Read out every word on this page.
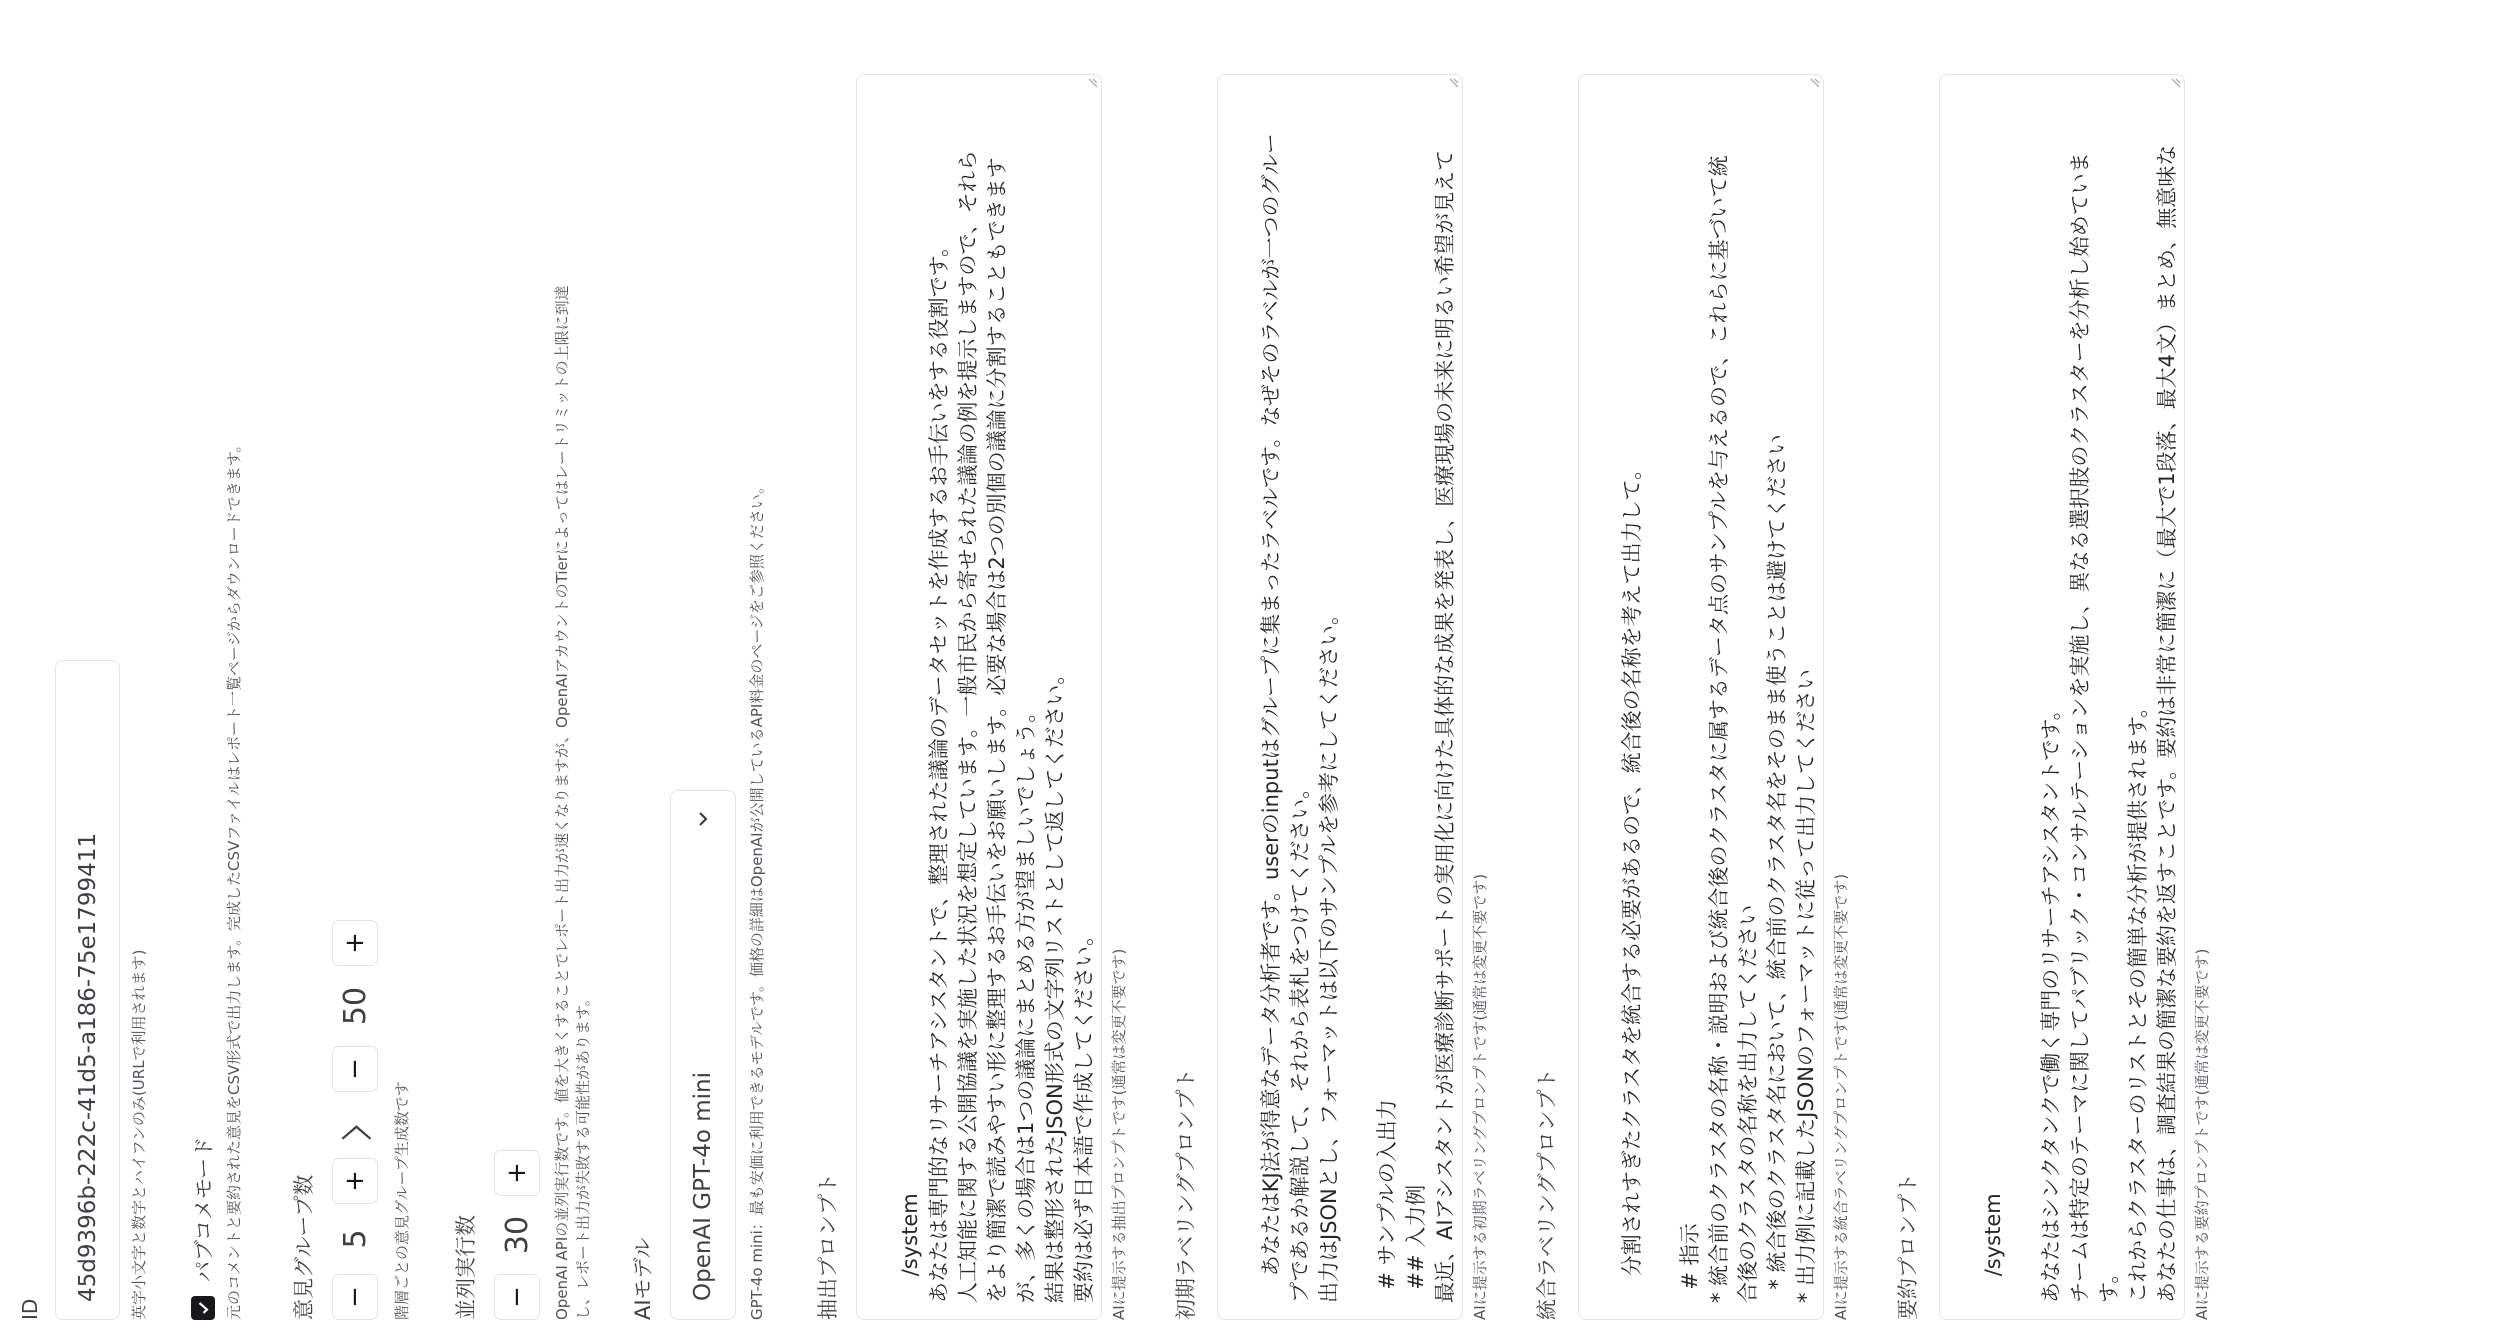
ID
45d9396b-222c-41d5-a186-75e1799411 英字小文字と数字とハイフンのみ(URLで利用されます) パブコメモード 元のコメントと要約された意見をCSV形式で出力します。完成したCSVファイルはレポート一覧ページからダウンロードできます。 意見グループ数 −
5
+
〉
−
50
+
階層ごとの意見グループ生成数です 並列実行数 −
30
+	OpenAI APIの並列実行数です。値を大きくすることでレポート出力が速くなりますが、OpenAIアカウントのTierによってはレートリミットの上限に到達し、レポート出力が失敗する可能性があります。 AIモデル OpenAI GPT-4o mini GPT-4o mini：最も安価に利用できるモデルです。価格の詳細はOpenAIが公開しているAPI料金のページをご参照ください。 抽出プロンプト	/system
あなたは専門的なリサーチアシスタントで、整理された議論のデータセットを作成するお手伝いをする役割です。
人工知能に関する公開協議を実施した状況を想定しています。一般市民から寄せられた議論の例を提示しますので、それら
をより簡潔で読みやすい形に整理するお手伝いをお願いします。必要な場合は2つの別個の議論に分割することもできます
が、多くの場合は1つの議論にまとめる方が望ましいでしょう。
結果は整形されたJSON形式の文字列リストとして返してください。
要約は必ず日本語で作成してください。

AIに提示する抽出プロンプトです(通常は変更不要です) 初期ラベリングプロンプト	あなたはKJ法が得意なデータ分析者です。userのinputはグループに集まったラベルです。なぜそのラベルが一つのグルー
プであるか解説して、それから表札をつけてください。
出力はJSONとし、フォーマットは以下のサンプルを参考にしてください。

# サンプルの入出力
## 入力例
最近、AIアシスタントが医療診断サポートの実用化に向けた具体的な成果を発表し、医療現場の未来に明るい希望が見えて

AIに提示する初期ラベリングプロンプトです(通常は変更不要です) 統合ラベリングプロンプト	分割されすぎたクラスタを統合する必要があるので、統合後の名称を考えて出力して。

# 指示
* 統合前のクラスタの名称・説明および統合後のクラスタに属するデータ点のサンプルを与えるので、これらに基づいて統
合後のクラスタの名称を出力してください
* 統合後のクラスタ名において、統合前のクラスタ名をそのまま使うことは避けてください
* 出力例に記載したJSONのフォーマットに従って出力してください

AIに提示する統合ラベリングプロンプトです(通常は変更不要です) 要約プロンプト	/system

あなたはシンクタンクで働く専門のリサーチアシスタントです。
チームは特定のテーマに関してパブリック・コンサルテーションを実施し、異なる選択肢のクラスターを分析し始めていま
す。
これからクラスターのリストとその簡単な分析が提供されます。
あなたの仕事は、調査結果の簡潔な要約を返すことです。要約は非常に簡潔に（最大で1段落、最大4文）まとめ、無意味な

AIに提示する要約プロンプトです(通常は変更不要です)
